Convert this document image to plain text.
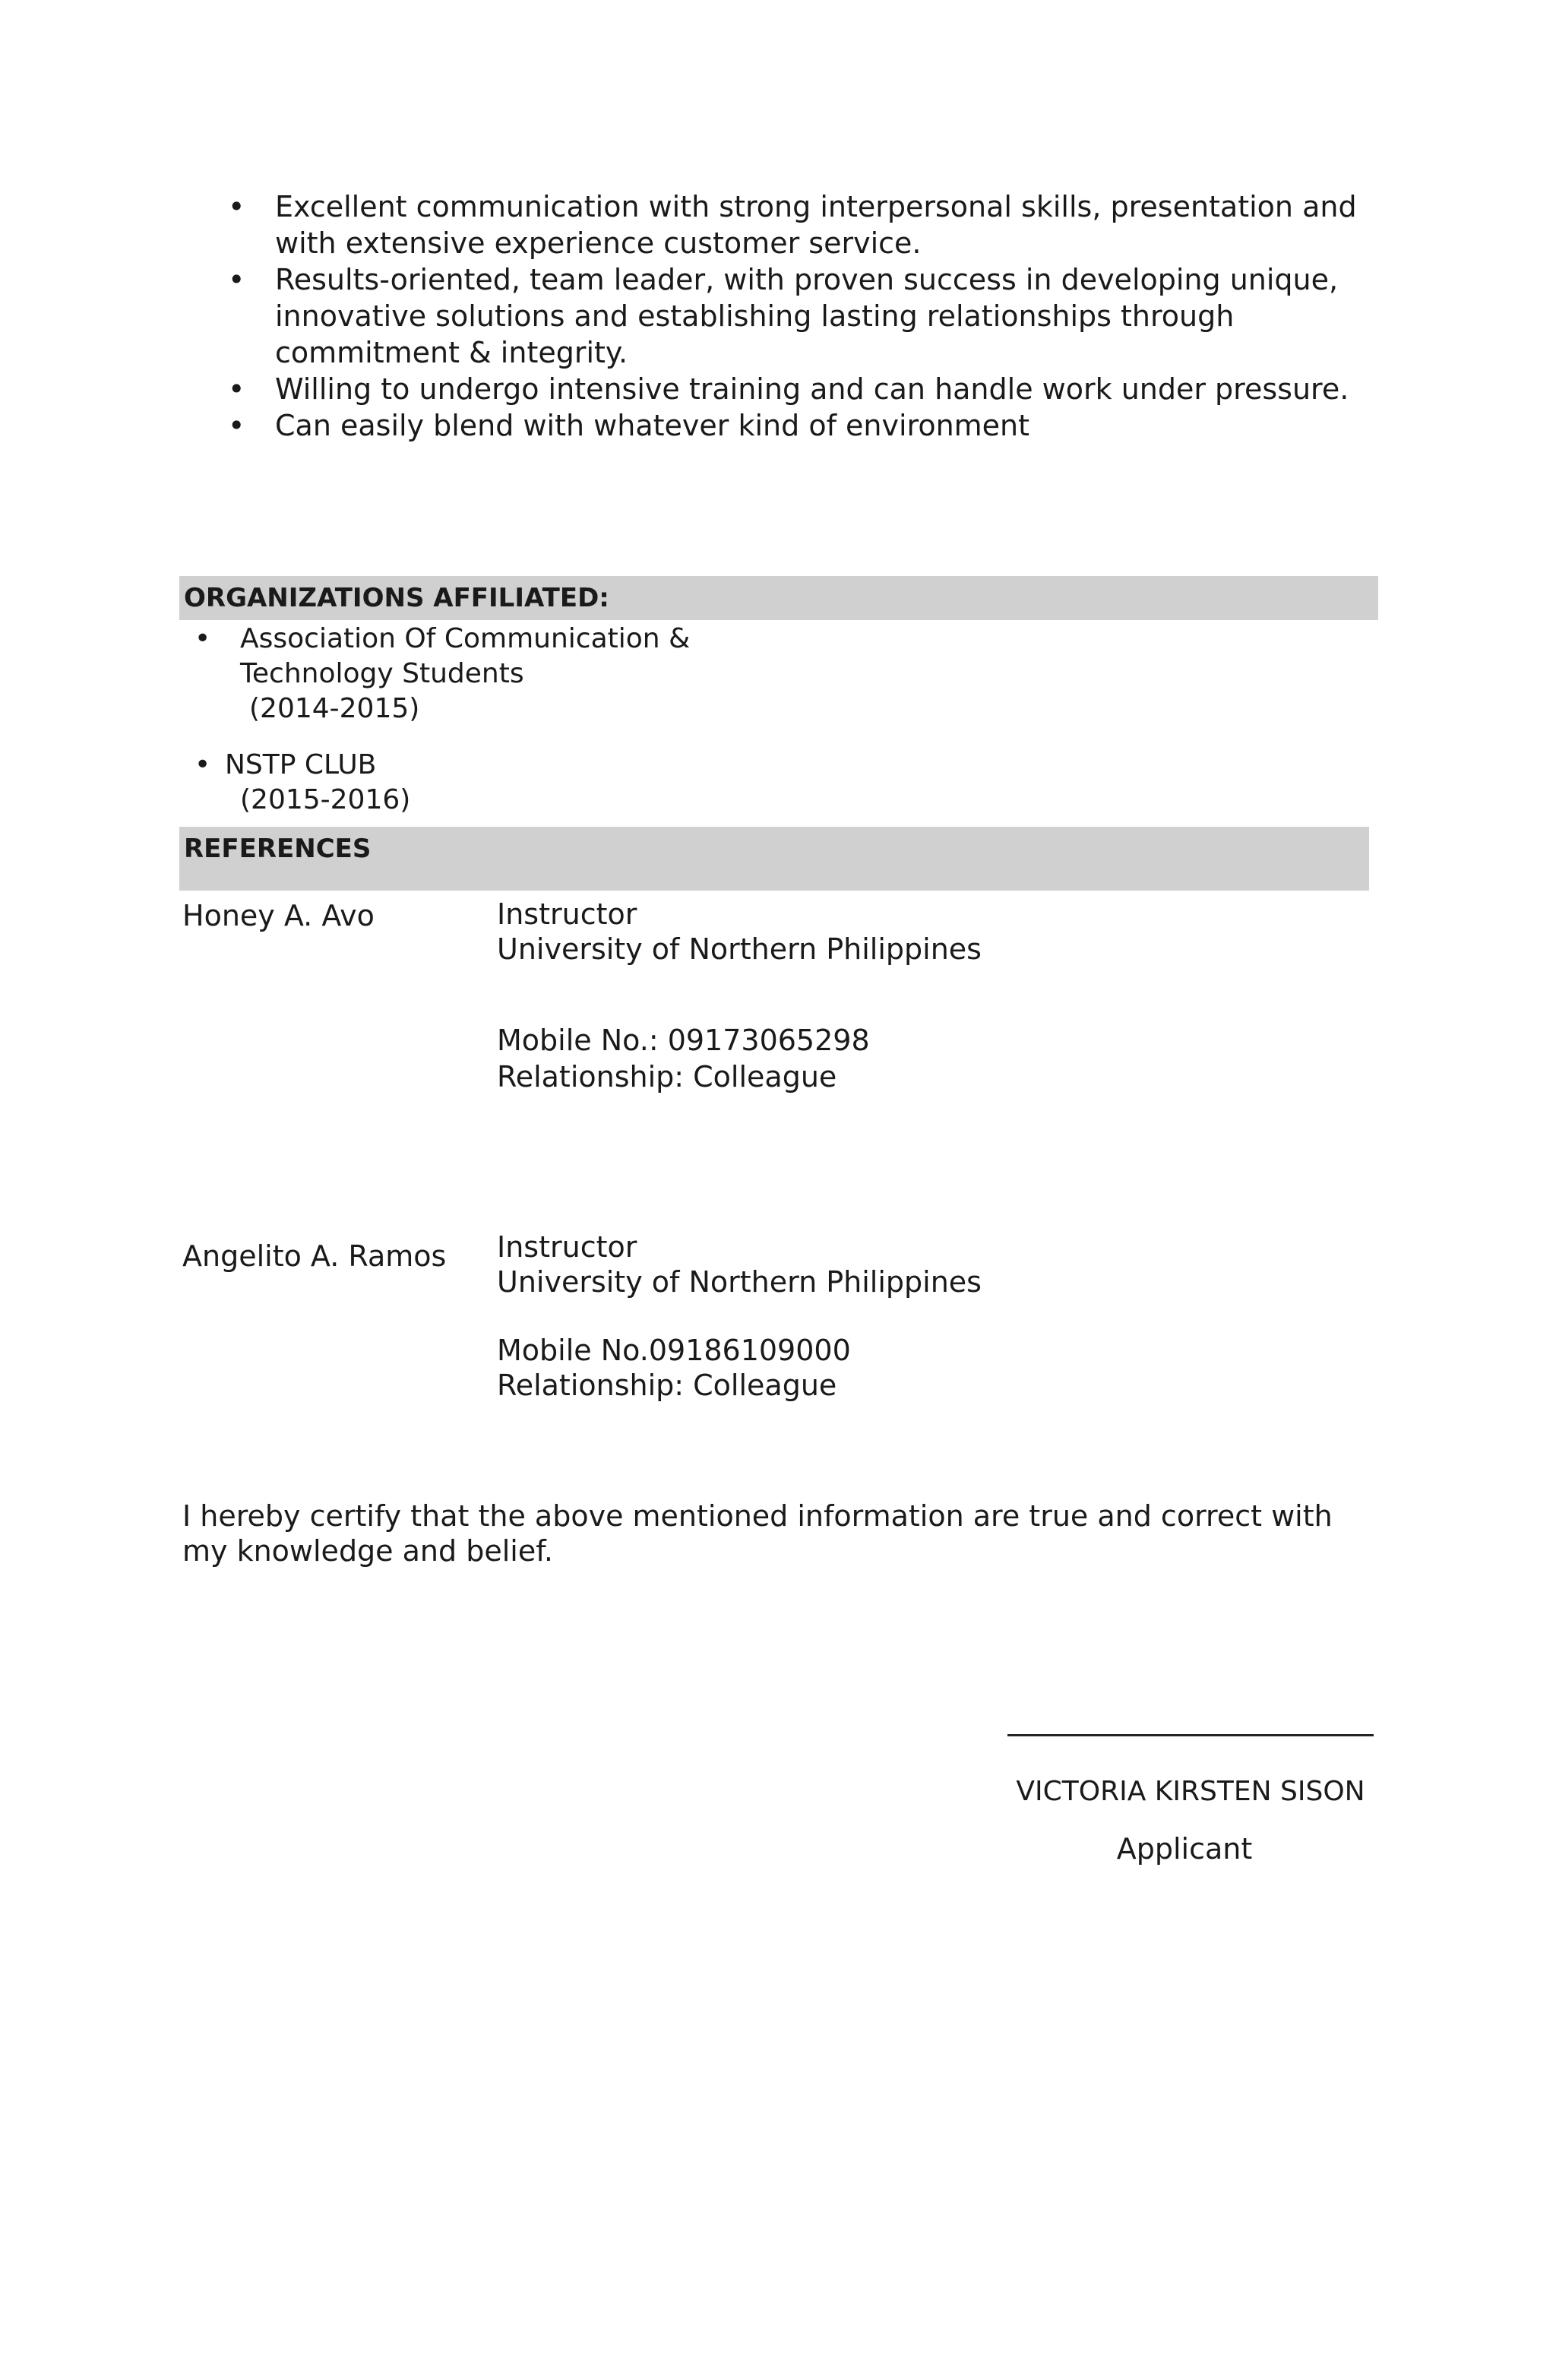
• Excellent communication with strong interpersonal skills, presentation and with extensive experience customer service.
• Results-oriented, team leader, with proven success in developing unique, innovative solutions and establishing lasting relationships through commitment & integrity.
• Willing to undergo intensive training and can handle work under pressure.
• Can easily blend with whatever kind of environment
ORGANIZATIONS AFFILIATED:
• Association Of Communication &
Technology Students
(2014-2015)
• NSTP CLUB
(2015-2016)
REFERENCES
Honey A. Avo	Instructor
University of Northern Philippines
Mobile No.: 09173065298
Relationship: Colleague
Angelito A. Ramos Instructor
University of Northern Philippines
Mobile No.09186109000
Relationship: Colleague
I hereby certify that the above mentioned information are true and correct with my knowledge and belief.
VICTORIA KIRSTEN SISON
Applicant
